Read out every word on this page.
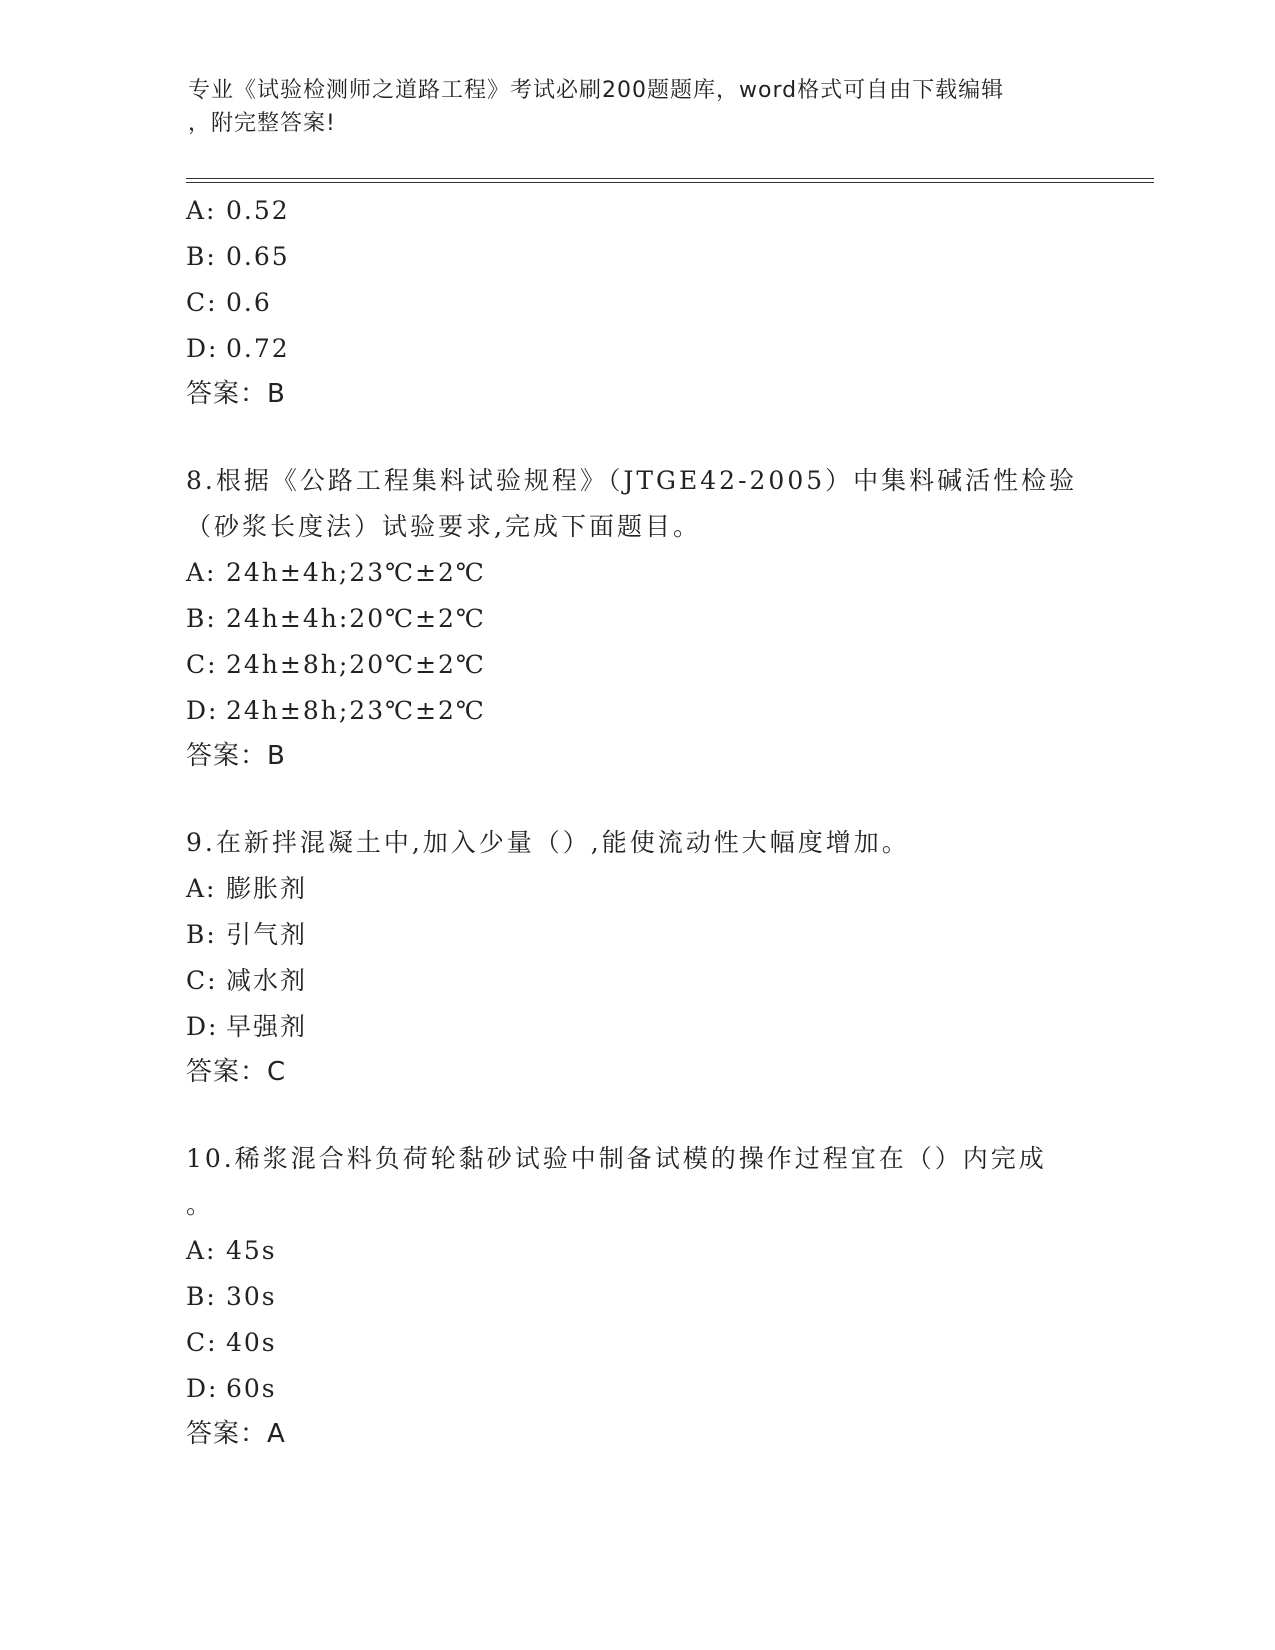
专业《试验检测师之道路工程》考试必刷200题题库，word格式可自由下载编辑
，附完整答案!
A: 0.52
B: 0.65
C: 0.6
D: 0.72
答案：B
8.根据《公路工程集料试验规程》（JTGE42-2005）中集料碱活性检验
（砂浆长度法）试验要求,完成下面题目。
A: 24h±4h;23℃±2℃
B: 24h±4h:20℃±2℃
C: 24h±8h;20℃±2℃
D: 24h±8h;23℃±2℃
答案：B
9.在新拌混凝土中,加入少量（）,能使流动性大幅度增加。
A: 膨胀剂
B: 引气剂
C: 减水剂
D: 早强剂
答案：C
10.稀浆混合料负荷轮黏砂试验中制备试模的操作过程宜在（）内完成
。
A: 45s
B: 30s
C: 40s
D: 60s
答案：A
